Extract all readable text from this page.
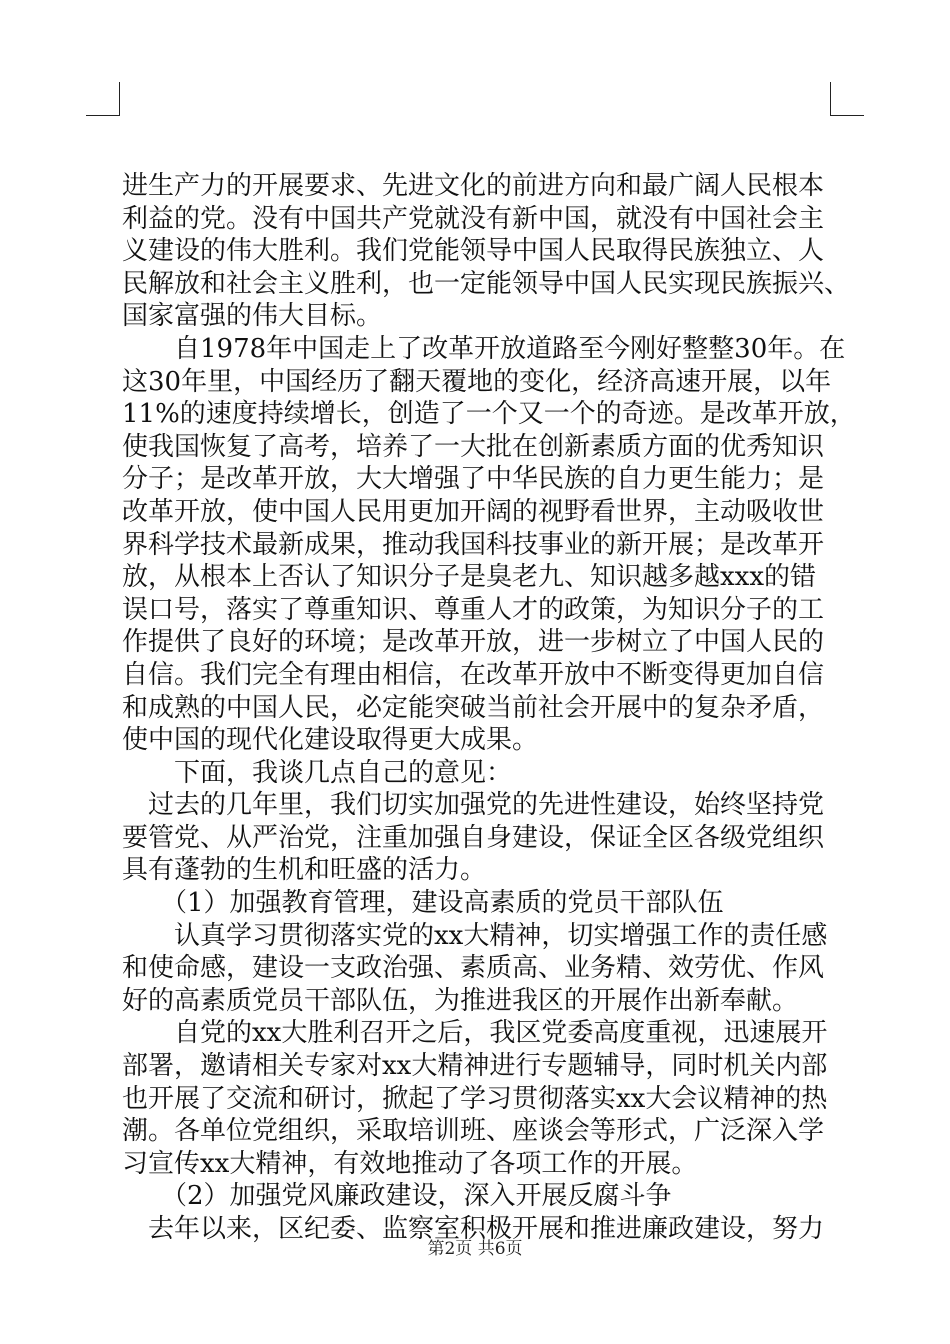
进生产力的开展要求、先进文化的前进方向和最广阔人民根本
利益的党。没有中国共产党就没有新中国，就没有中国社会主
义建设的伟大胜利。我们党能领导中国人民取得民族独立、人
民解放和社会主义胜利，也一定能领导中国人民实现民族振兴、
国家富强的伟大目标。
　　自1978年中国走上了改革开放道路至今刚好整整30年。在
这30年里，中国经历了翻天覆地的变化，经济高速开展，以年
11%的速度持续增长，创造了一个又一个的奇迹。是改革开放，
使我国恢复了高考，培养了一大批在创新素质方面的优秀知识
分子；是改革开放，大大增强了中华民族的自力更生能力；是
改革开放，使中国人民用更加开阔的视野看世界，主动吸收世
界科学技术最新成果，推动我国科技事业的新开展；是改革开
放，从根本上否认了知识分子是臭老九、知识越多越xxx的错
误口号，落实了尊重知识、尊重人才的政策，为知识分子的工
作提供了良好的环境；是改革开放，进一步树立了中国人民的
自信。我们完全有理由相信，在改革开放中不断变得更加自信
和成熟的中国人民，必定能突破当前社会开展中的复杂矛盾，
使中国的现代化建设取得更大成果。
　　下面，我谈几点自己的意见：
　过去的几年里，我们切实加强党的先进性建设，始终坚持党
要管党、从严治党，注重加强自身建设，保证全区各级党组织
具有蓬勃的生机和旺盛的活力。
　　（1）加强教育管理，建设高素质的党员干部队伍
　　认真学习贯彻落实党的xx大精神，切实增强工作的责任感
和使命感，建设一支政治强、素质高、业务精、效劳优、作风
好的高素质党员干部队伍，为推进我区的开展作出新奉献。
　　自党的xx大胜利召开之后，我区党委高度重视，迅速展开
部署，邀请相关专家对xx大精神进行专题辅导，同时机关内部
也开展了交流和研讨，掀起了学习贯彻落实xx大会议精神的热
潮。各单位党组织，采取培训班、座谈会等形式，广泛深入学
习宣传xx大精神，有效地推动了各项工作的开展。
　　（2）加强党风廉政建设，深入开展反腐斗争
　去年以来，区纪委、监察室积极开展和推进廉政建设，努力
第2页 共6页
